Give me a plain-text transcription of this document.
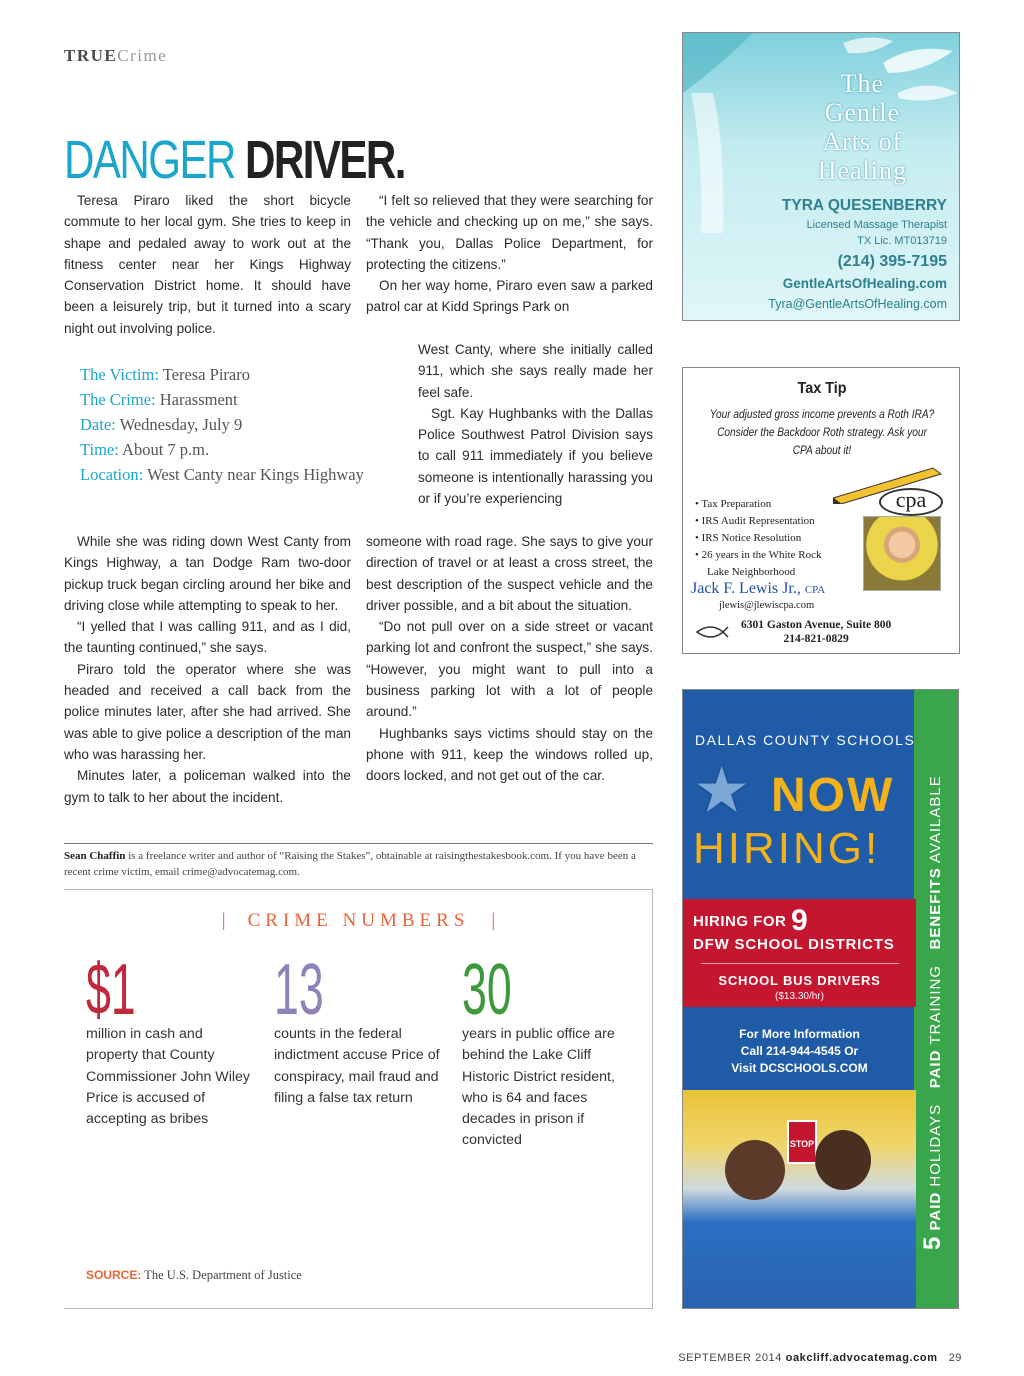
TRUECrime
DANGER DRIVER.

Teresa Piraro liked the short bicycle commute to her local gym. She tries to keep in shape and pedaled away to work out at the fitness center near her Kings Highway Conservation District home. It should have been a leisurely trip, but it turned into a scary night out involving police.

The Victim: Teresa Piraro
The Crime: Harassment
Date: Wednesday, July 9
Time: About 7 p.m.
Location: West Canty near Kings Highway

While she was riding down West Canty from Kings Highway, a tan Dodge Ram two-door pickup truck began circling around her bike and driving close while attempting to speak to her.

“I yelled that I was calling 911, and as I did, the taunting continued,” she says.

Piraro told the operator where she was headed and received a call back from the police minutes later, after she had arrived. She was able to give police a description of the man who was harassing her.

Minutes later, a policeman walked into the gym to talk to her about the incident.

“I felt so relieved that they were searching for the vehicle and checking up on me,” she says. “Thank you, Dallas Police Department, for protecting the citizens.”

On her way home, Piraro even saw a parked patrol car at Kidd Springs Park on

West Canty, where she initially called 911, which she says really made her feel safe.

Sgt. Kay Hughbanks with the Dallas Police Southwest Patrol Division says to call 911 immediately if you believe someone is intentionally harassing you or if you’re experiencing

someone with road rage. She says to give your direction of travel or at least a cross street, the best description of the suspect vehicle and the driver possible, and a bit about the situation.

“Do not pull over on a side street or vacant parking lot and confront the suspect,” she says. “However, you might want to pull into a business parking lot with a lot of people around.”

Hughbanks says victims should stay on the phone with 911, keep the windows rolled up, doors locked, and not get out of the car.

Sean Chaffin is a freelance writer and author of “Raising the Stakes”, obtainable at raisingthestakesbook.com. If you have been a recent crime victim, email crime@advocatemag.com.
| CRIME NUMBERS |
$1
million in cash and property that County Commissioner John Wiley Price is accused of accepting as bribes
13
counts in the federal indictment accuse Price of conspiracy, mail fraud and filing a false tax return
30
years in public office are behind the Lake Cliff Historic District resident, who is 64 and faces decades in prison if convicted
SOURCE: The U.S. Department of Justice
The
Gentle
Arts of
Healing
TYRA QUESENBERRY
Licensed Massage Therapist
TX Lic. MT013719
(214) 395-7195
GentleArtsOfHealing.com
Tyra@GentleArtsOfHealing.com
Tax Tip
Your adjusted gross income prevents a Roth IRA? Consider the Backdoor Roth strategy. Ask your CPA about it!
cpa
• Tax Preparation
• IRS Audit Representation
• IRS Notice Resolution
• 26 years in the White Rock
Lake Neighborhood
Jack F. Lewis Jr., CPA
jlewis@jlewiscpa.com
6301 Gaston Avenue, Suite 800
214-821-0829
5 PAID HOLIDAYS   PAID TRAINING   BENEFITS AVAILABLE
DALLAS COUNTY SCHOOLS
★ NOW
HIRING!
HIRING FOR 9
DFW SCHOOL DISTRICTS
SCHOOL BUS DRIVERS
($13.30/hr)
For More Information
Call 214-944-4545 Or
Visit DCSCHOOLS.COM
STOP
SEPTEMBER 2014 oakcliff.advocatemag.com 29
